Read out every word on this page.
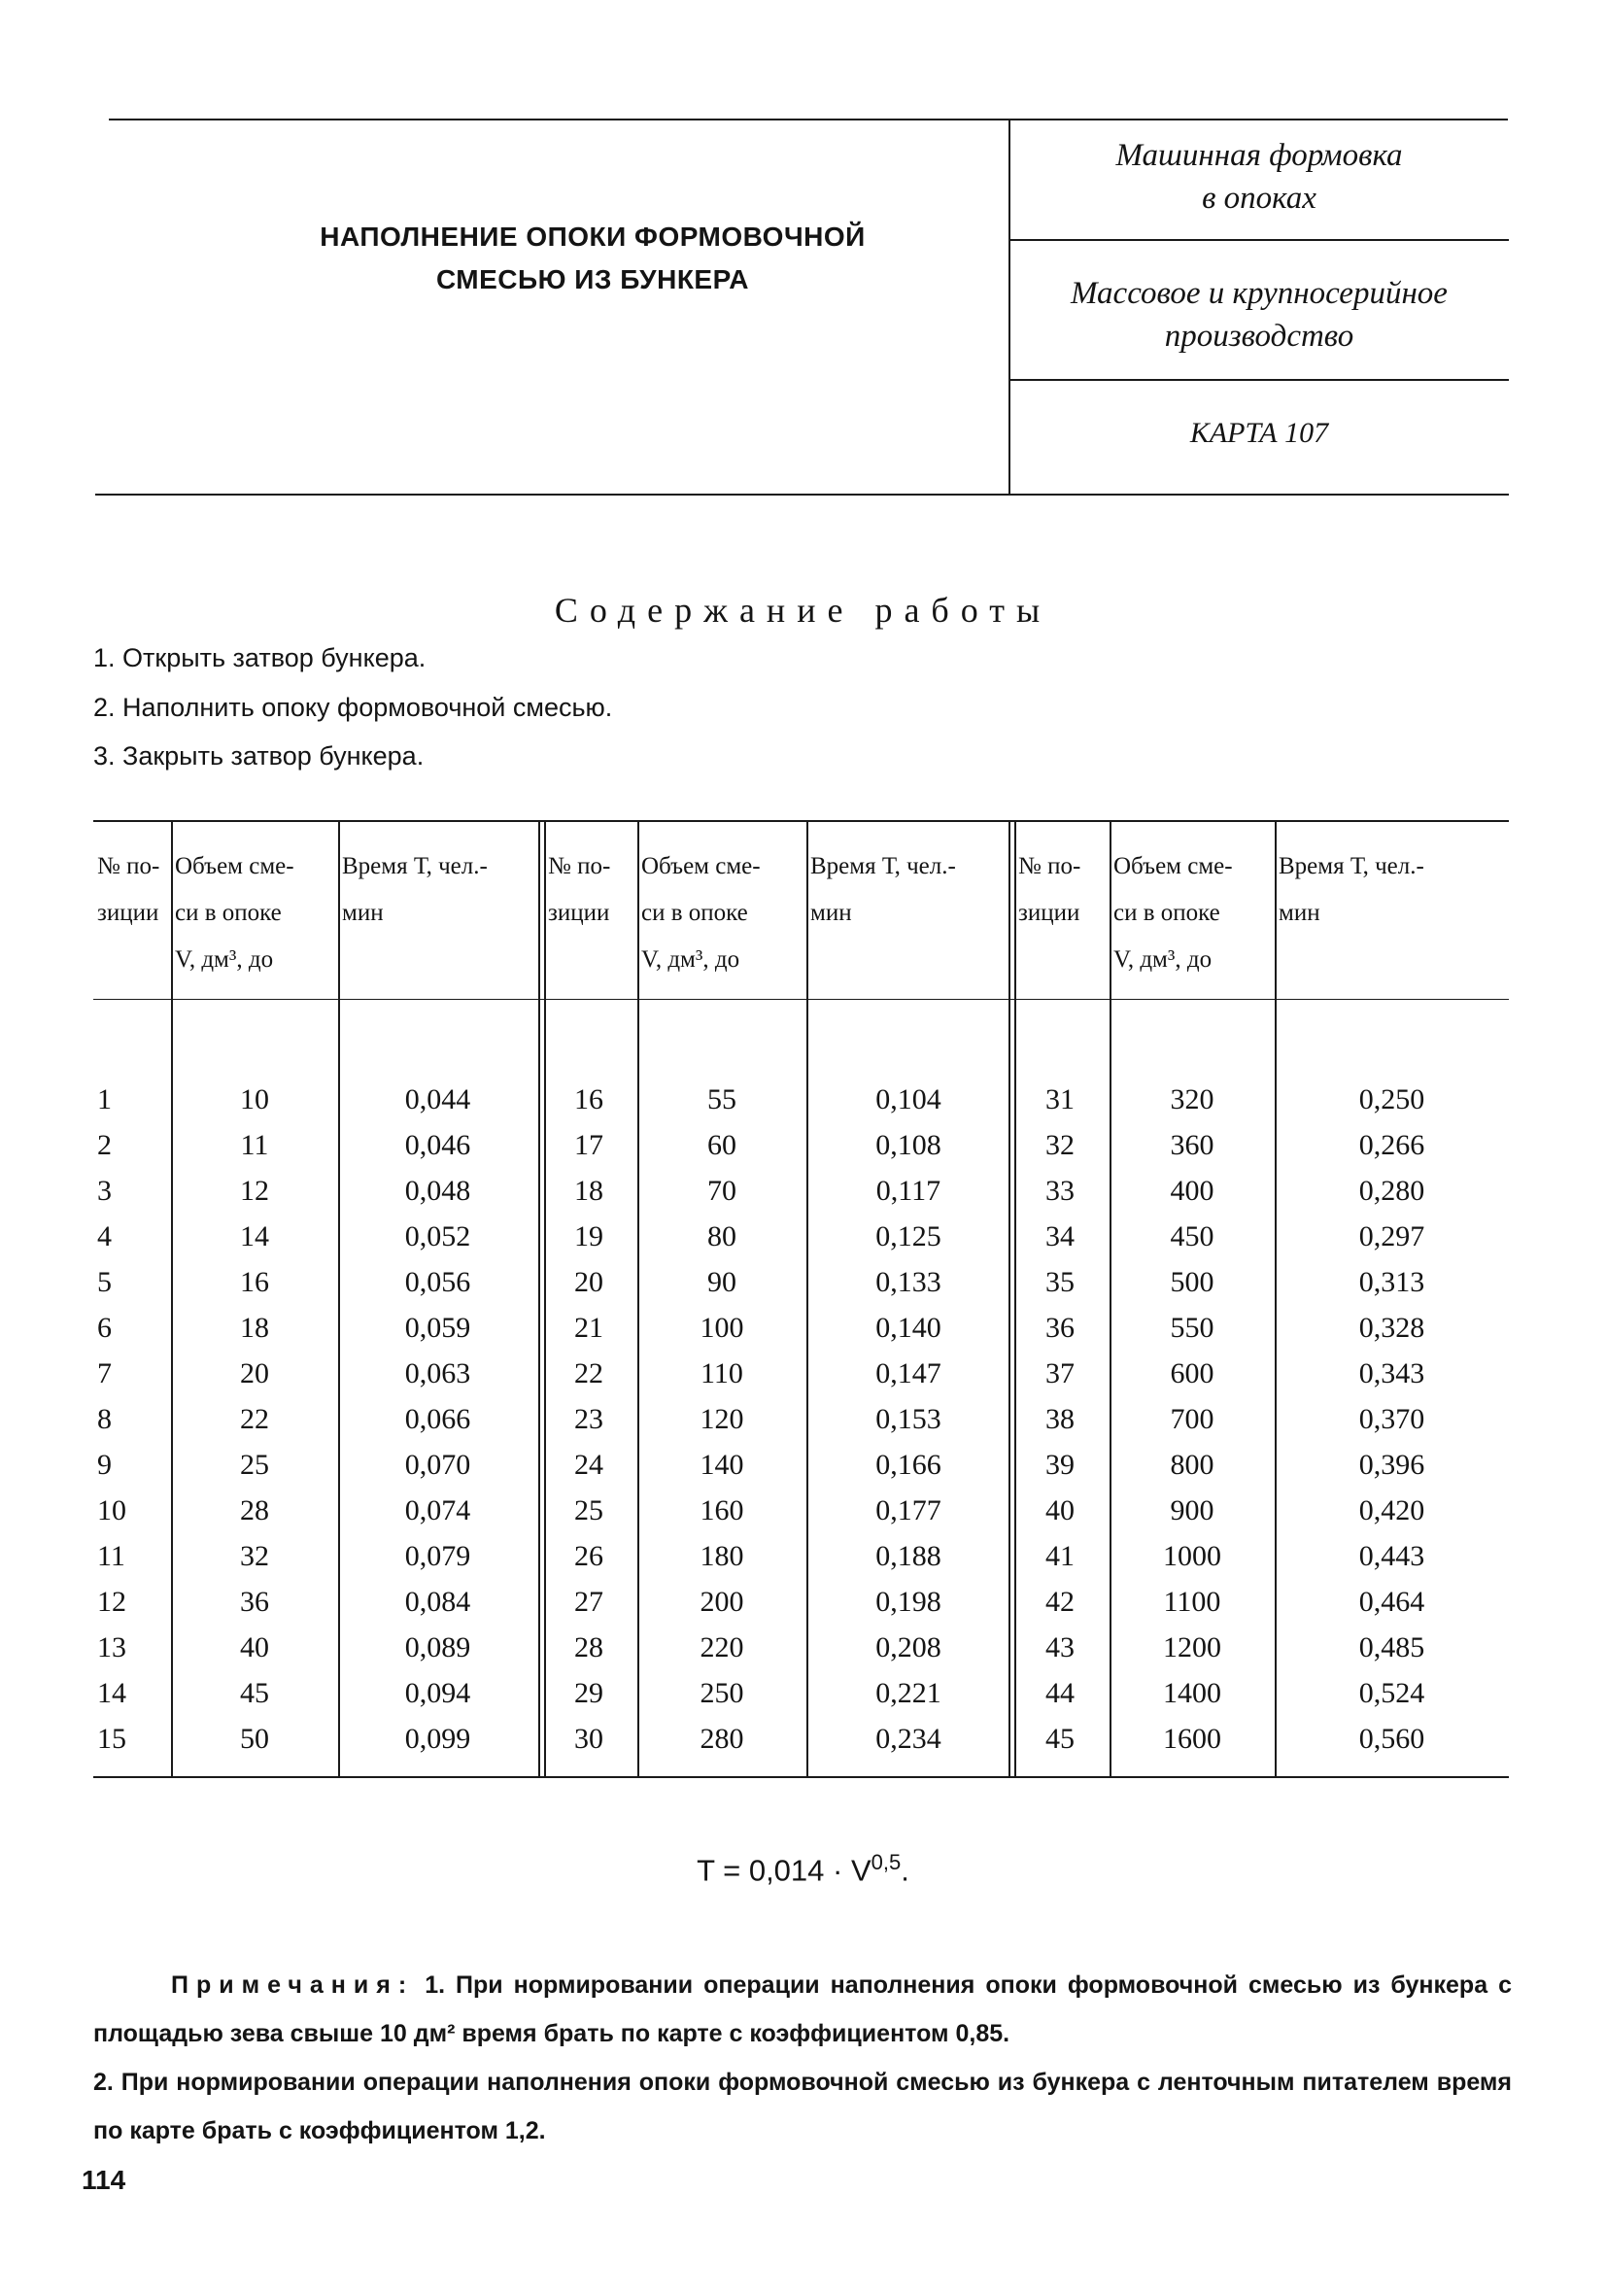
НАПОЛНЕНИЕ ОПОКИ ФОРМОВОЧНОЙ
СМЕСЬЮ ИЗ БУНКЕРА
Машинная формовка
в опоках
Массовое и крупносерийное
производство
КАРТА 107
Содержание работы
1. Открыть затвор бункера.
2. Наполнить опоку формовочной смесью.
3. Закрыть затвор бункера.
№ по-
зиции
Объем сме-
си в опоке
V, дм³, до
Время Т, чел.-
мин
1	10	0,044
2	11	0,046
3	12	0,048
4	14	0,052
5	16	0,056
6	18	0,059
7	20	0,063
8	22	0,066
9	25	0,070
10	28	0,074
11	32	0,079
12	36	0,084
13	40	0,089
14	45	0,094
15	50	0,099
№ по-
зиции
Объем сме-
си в опоке
V, дм³, до
Время Т, чел.-
мин
16	55	0,104
17	60	0,108
18	70	0,117
19	80	0,125
20	90	0,133
21	100	0,140
22	110	0,147
23	120	0,153
24	140	0,166
25	160	0,177
26	180	0,188
27	200	0,198
28	220	0,208
29	250	0,221
30	280	0,234
№ по-
зиции
Объем сме-
си в опоке
V, дм³, до
Время Т, чел.-
мин
31	320	0,250
32	360	0,266
33	400	0,280
34	450	0,297
35	500	0,313
36	550	0,328
37	600	0,343
38	700	0,370
39	800	0,396
40	900	0,420
41	1000	0,443
42	1100	0,464
43	1200	0,485
44	1400	0,524
45	1600	0,560
T = 0,014 · V$^{0,5}$.
Примечания: 1. При нормировании операции наполнения опоки формовочной смесью из бункера с площадью зева свыше 10 дм² время брать по карте с коэффициентом 0,85.
2. При нормировании операции наполнения опоки формовочной смесью из бункера с ленточным питателем время по карте брать с коэффициентом 1,2.
114
